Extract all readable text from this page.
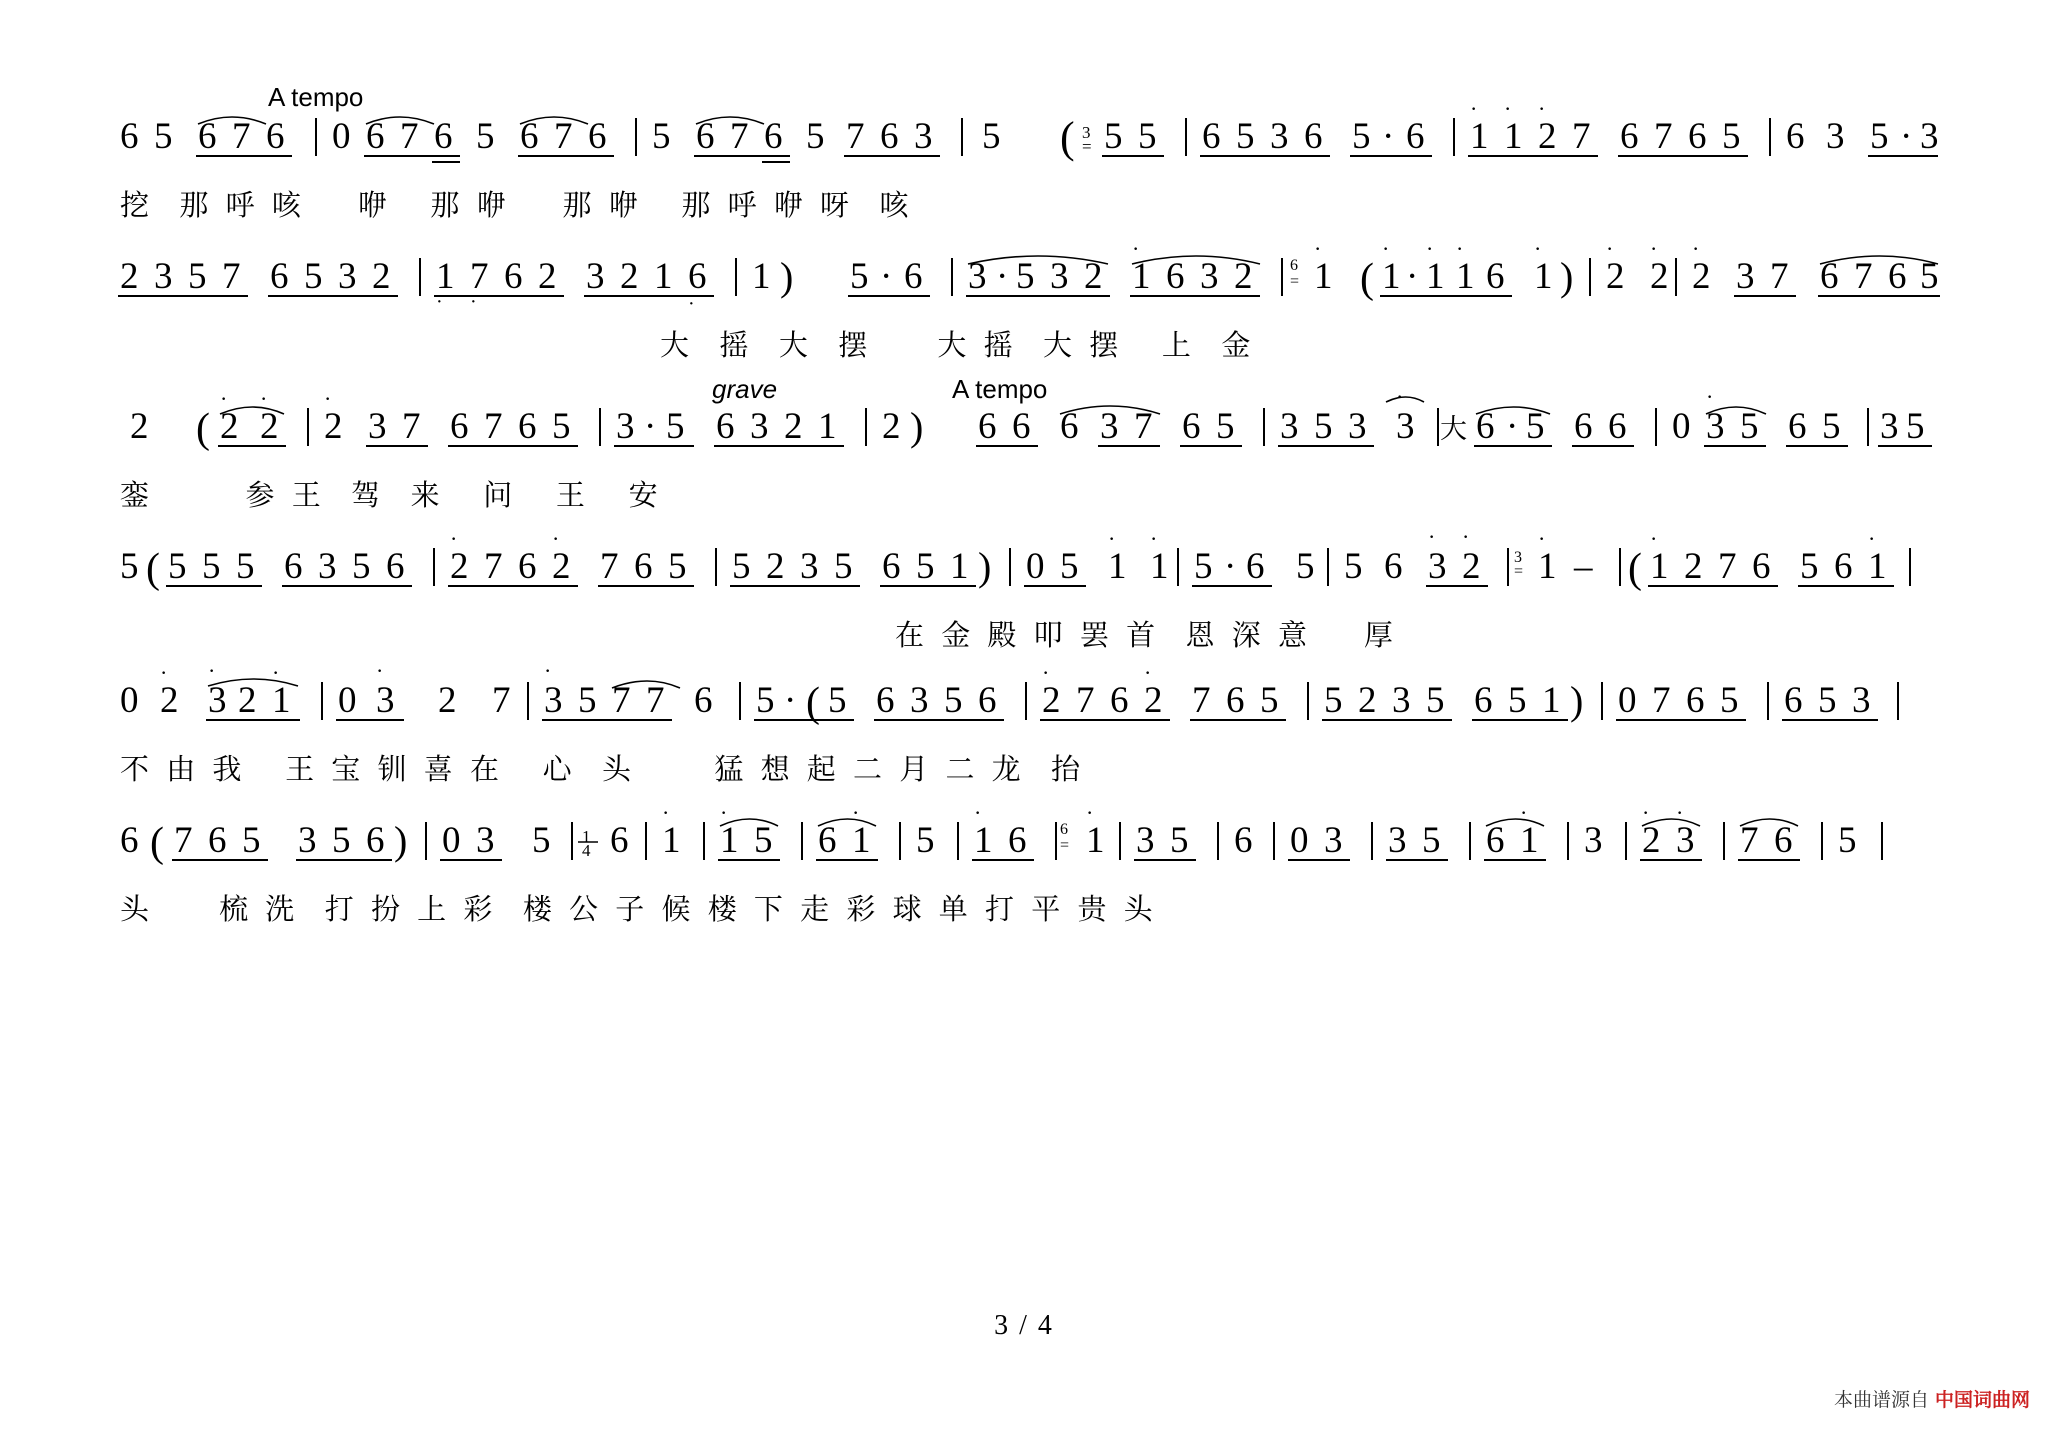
A tempo
grave	A tempo
6 5 6 7 6 0 6 7 6 5 6 7 6 5 6 7 6 5 7 6 3 5 ( 3
= 5 5 6 5 3 6 5 · 6 1
·
1
·
2
·
7 6 7 6 5 6 3 5 · 3
挖  那 呼 咳    咿   那 咿    那 咿   那 呼 咿 呀  咳
2 3 5 7 6 5 3 2 1 7 6 2
· ·
3 2 1 6
·
1 ) 5 · 6 3 · 5 3 2 1
·
6 3 2 6
= 1
·
( 1
·
· 1
·
1
·
6 1
·
) 2
·
2
·
2
·
3 7 6 7 6 5
大  摇  大  摆     大 摇  大 摆   上  金
2 ( 2
·
2
·
2
·
3 7 6 7 6 5 3 · 5 6 3 2 1 2 ) 6 6 6 3 7 6 5 3 5 3 3
·
大 6 · 5 6 6 0 3
·
5 6 5 3 5
銮       参 王  驾  来   问   王   安
5 ( 5 5 5 6 3 5 6 2
·
7 6 2
·
7 6 5 5 2 3 5 6 5 1 ) 0 5 1
·
1
·
5 · 6 5 5 6 3
·
2
·
3
= 1
·
– ( 1
·
2 7 6 5 6 1
·
在 金 殿 叩 罢 首  恩 深 意    厚
0 2
·
3
·
2 1
·
0 3
·
2 7 3
·
5 7 7 6 5 · ( 5 6 3 5 6 2
·
7 6 2
·
7 6 5 5 2 3 5 6 5 1 ) 0 7 6 5 6 5 3
不 由 我   王 宝 钏 喜 在   心  头      猛 想 起 二 月 二 龙  抬
6 ( 7 6 5 3 5 6 ) 0 3 5 1
4 6 1
·
1
·
5 6 1
·
5 1
·
6 6
= 1
·
3 5 6 0 3 3 5 6 1
·
3 2
·
3
·
7 6 5
头     梳 洗  打 扮 上 彩  楼 公 子 候 楼 下 走 彩 球 单 打 平 贵 头
3 / 4

本曲谱源自 中国词曲网
